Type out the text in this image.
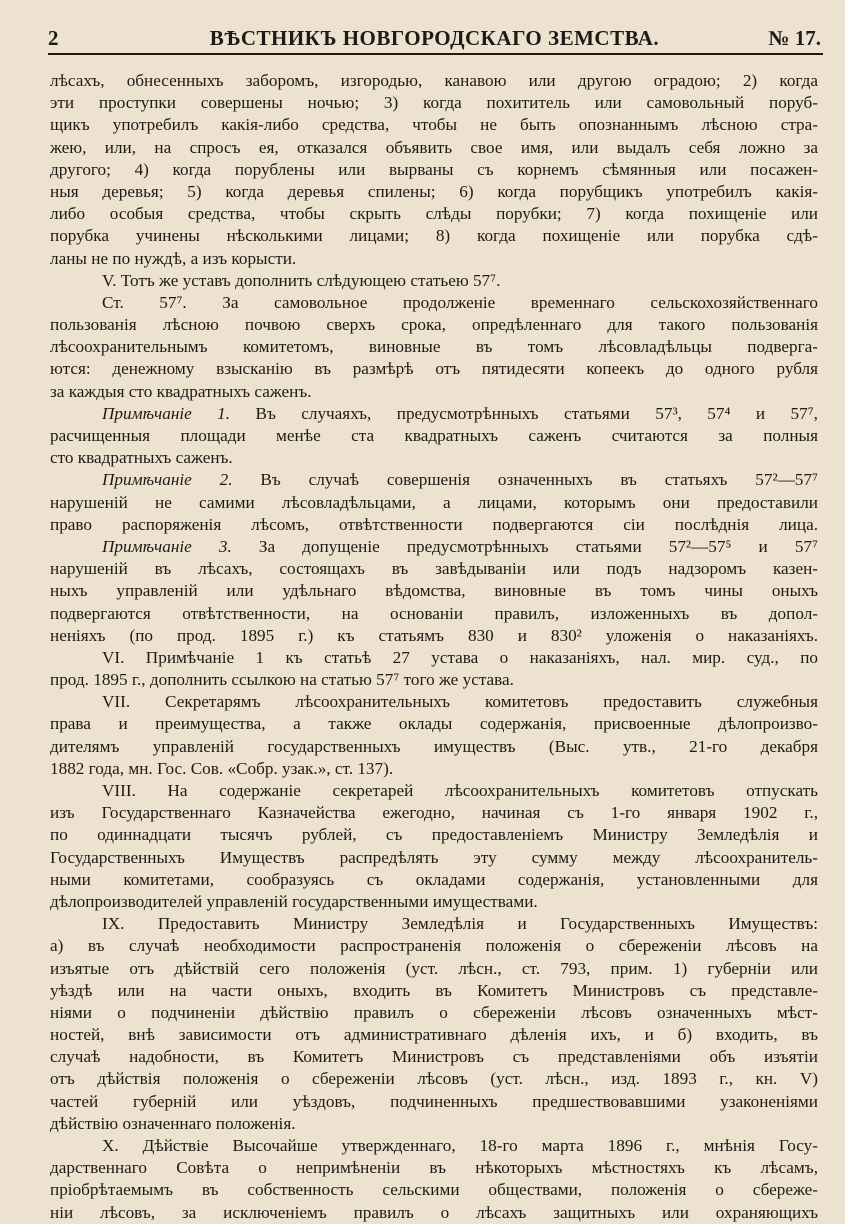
2	ВѢСТНИКЪ НОВГОРОДСКАГО ЗЕМСТВА.	№ 17.
лѣсахъ, обнесенныхъ заборомъ, изгородью, канавою или другою оградою; 2) когда
эти проступки совершены ночью; 3) когда похититель или самовольный поруб-
щикъ употребилъ какія-либо средства, чтобы не быть опознаннымъ лѣсною стра-
жею, или, на спросъ ея, отказался объявить свое имя, или выдалъ себя ложно за
другого; 4) когда порублены или вырваны съ корнемъ сѣмянныя или посажен-
ныя деревья; 5) когда деревья спилены; 6) когда порубщикъ употребилъ какія-
либо особыя средства, чтобы скрыть слѣды порубки; 7) когда похищеніе или
порубка учинены нѣсколькими лицами; 8) когда похищеніе или порубка сдѣ-
ланы не по нуждѣ, а изъ корысти.
V. Тотъ же уставъ дополнить слѣдующею статьею 57⁷.
Ст. 57⁷. За самовольное продолженіе временнаго сельскохозяйственнаго
пользованія лѣсною почвою сверхъ срока, опредѣленнаго для такого пользованія
лѣсоохранительнымъ комитетомъ, виновные въ томъ лѣсовладѣльцы подверга-
ются: денежному взысканію въ размѣрѣ отъ пятидесяти копеекъ до одного рубля
за каждыя сто квадратныхъ саженъ.
Примѣчаніе 1. Въ случаяхъ, предусмотрѣнныхъ статьями 57³, 57⁴ и 57⁷,
расчищенныя площади менѣе ста квадратныхъ саженъ считаются за полныя
сто квадратныхъ саженъ.
Примѣчаніе 2. Въ случаѣ совершенія означенныхъ въ статьяхъ 57²—57⁷
нарушеній не самими лѣсовладѣльцами, а лицами, которымъ они предоставили
право распоряженія лѣсомъ, отвѣтственности подвергаются сіи послѣднія лица.
Примѣчаніе 3. За допущеніе предусмотрѣнныхъ статьями 57²—57⁵ и 57⁷
нарушеній въ лѣсахъ, состоящахъ въ завѣдываніи или подъ надзоромъ казен-
ныхъ управленій или удѣльнаго вѣдомства, виновные въ томъ чины оныхъ
подвергаются отвѣтственности, на основаніи правилъ, изложенныхъ въ допол-
неніяхъ (по прод. 1895 г.) къ статьямъ 830 и 830² уложенія о наказаніяхъ.
VI. Примѣчаніе 1 къ статьѣ 27 устава о наказаніяхъ, нал. мир. суд., по
прод. 1895 г., дополнить ссылкою на статью 57⁷ того же устава.
VII. Секретарямъ лѣсоохранительныхъ комитетовъ предоставить служебныя
права и преимущества, а также оклады содержанія, присвоенные дѣлопроизво-
дителямъ управленій государственныхъ имуществъ (Выс. утв., 21-го декабря
1882 года, мн. Гос. Сов. «Собр. узак.», ст. 137).
VIII. На содержаніе секретарей лѣсоохранительныхъ комитетовъ отпускать
изъ Государственнаго Казначейства ежегодно, начиная съ 1-го января 1902 г.,
по одиннадцати тысячъ рублей, съ предоставленіемъ Министру Земледѣлія и
Государственныхъ Имуществъ распредѣлять эту сумму между лѣсоохранитель-
ными комитетами, сообразуясь съ окладами содержанія, установленными для
дѣлопроизводителей управленій государственными имуществами.
IX. Предоставить Министру Земледѣлія и Государственныхъ Имуществъ:
а) въ случаѣ необходимости распространенія положенія о сбереженіи лѣсовъ на
изъятые отъ дѣйствій сего положенія (уст. лѣсн., ст. 793, прим. 1) губерніи или
уѣздѣ или на части оныхъ, входить въ Комитетъ Министровъ съ представле-
ніями о подчиненіи дѣйствію правилъ о сбереженіи лѣсовъ означенныхъ мѣст-
ностей, внѣ зависимости отъ административнаго дѣленія ихъ, и б) входить, въ
случаѣ надобности, въ Комитетъ Министровъ съ представленіями объ изъятіи
отъ дѣйствія положенія о сбереженіи лѣсовъ (уст. лѣсн., изд. 1893 г., кн. V)
частей губерній или уѣздовъ, подчиненныхъ предшествовавшими узаконеніями
дѣйствію означеннаго положенія.
X. Дѣйствіе Высочайше утвержденнаго, 18-го марта 1896 г., мнѣнія Госу-
дарственнаго Совѣта о непримѣненіи въ нѣкоторыхъ мѣстностяхъ къ лѣсамъ,
пріобрѣтаемымъ въ собственность сельскими обществами, положенія о сбереже-
ніи лѣсовъ, за исключеніемъ правилъ о лѣсахъ защитныхъ или охраняющихъ
